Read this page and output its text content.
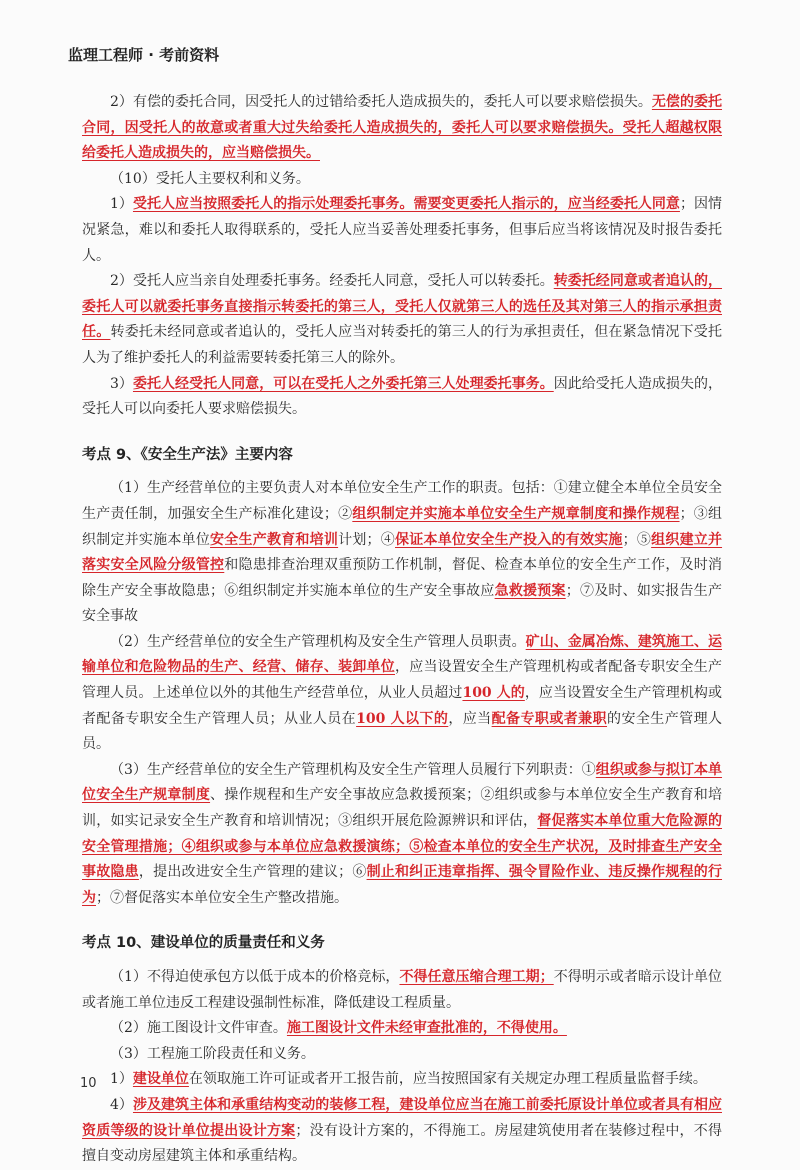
监理工程师 · 考前资料

2）有偿的委托合同，因受托人的过错给委托人造成损失的，委托人可以要求赔偿损失。无偿的委托合同，因受托人的故意或者重大过失给委托人造成损失的，委托人可以要求赔偿损失。受托人超越权限给委托人造成损失的，应当赔偿损失。

（10）受托人主要权利和义务。

1）受托人应当按照委托人的指示处理委托事务。需要变更委托人指示的，应当经委托人同意；因情况紧急，难以和委托人取得联系的，受托人应当妥善处理委托事务，但事后应当将该情况及时报告委托人。

2）受托人应当亲自处理委托事务。经委托人同意，受托人可以转委托。转委托经同意或者追认的，委托人可以就委托事务直接指示转委托的第三人，受托人仅就第三人的选任及其对第三人的指示承担责任。转委托未经同意或者追认的，受托人应当对转委托的第三人的行为承担责任，但在紧急情况下受托人为了维护委托人的利益需要转委托第三人的除外。

3）委托人经受托人同意，可以在受托人之外委托第三人处理委托事务。因此给受托人造成损失的，受托人可以向委托人要求赔偿损失。

考点 9、《安全生产法》主要内容

（1）生产经营单位的主要负责人对本单位安全生产工作的职责。包括：①建立健全本单位全员安全生产责任制，加强安全生产标准化建设；②组织制定并实施本单位安全生产规章制度和操作规程；③组织制定并实施本单位安全生产教育和培训计划；④保证本单位安全生产投入的有效实施；⑤组织建立并落实安全风险分级管控和隐患排查治理双重预防工作机制，督促、检查本单位的安全生产工作，及时消除生产安全事故隐患；⑥组织制定并实施本单位的生产安全事故应急救援预案；⑦及时、如实报告生产安全事故

（2）生产经营单位的安全生产管理机构及安全生产管理人员职责。矿山、金属冶炼、建筑施工、运输单位和危险物品的生产、经营、储存、装卸单位，应当设置安全生产管理机构或者配备专职安全生产管理人员。上述单位以外的其他生产经营单位，从业人员超过100 人的，应当设置安全生产管理机构或者配备专职安全生产管理人员；从业人员在100 人以下的，应当配备专职或者兼职的安全生产管理人员。

（3）生产经营单位的安全生产管理机构及安全生产管理人员履行下列职责：①组织或参与拟订本单位安全生产规章制度、操作规程和生产安全事故应急救援预案；②组织或参与本单位安全生产教育和培训，如实记录安全生产教育和培训情况；③组织开展危险源辨识和评估，督促落实本单位重大危险源的安全管理措施；④组织或参与本单位应急救援演练；⑤检查本单位的安全生产状况，及时排查生产安全事故隐患，提出改进安全生产管理的建议；⑥制止和纠正违章指挥、强令冒险作业、违反操作规程的行为；⑦督促落实本单位安全生产整改措施。

考点 10、建设单位的质量责任和义务

（1）不得迫使承包方以低于成本的价格竞标，不得任意压缩合理工期；不得明示或者暗示设计单位或者施工单位违反工程建设强制性标准，降低建设工程质量。

（2）施工图设计文件审查。施工图设计文件未经审查批准的，不得使用。

（3）工程施工阶段责任和义务。

1）建设单位在领取施工许可证或者开工报告前，应当按照国家有关规定办理工程质量监督手续。

4）涉及建筑主体和承重结构变动的装修工程，建设单位应当在施工前委托原设计单位或者具有相应资质等级的设计单位提出设计方案；没有设计方案的，不得施工。房屋建筑使用者在装修过程中，不得擅自变动房屋建筑主体和承重结构。

10
